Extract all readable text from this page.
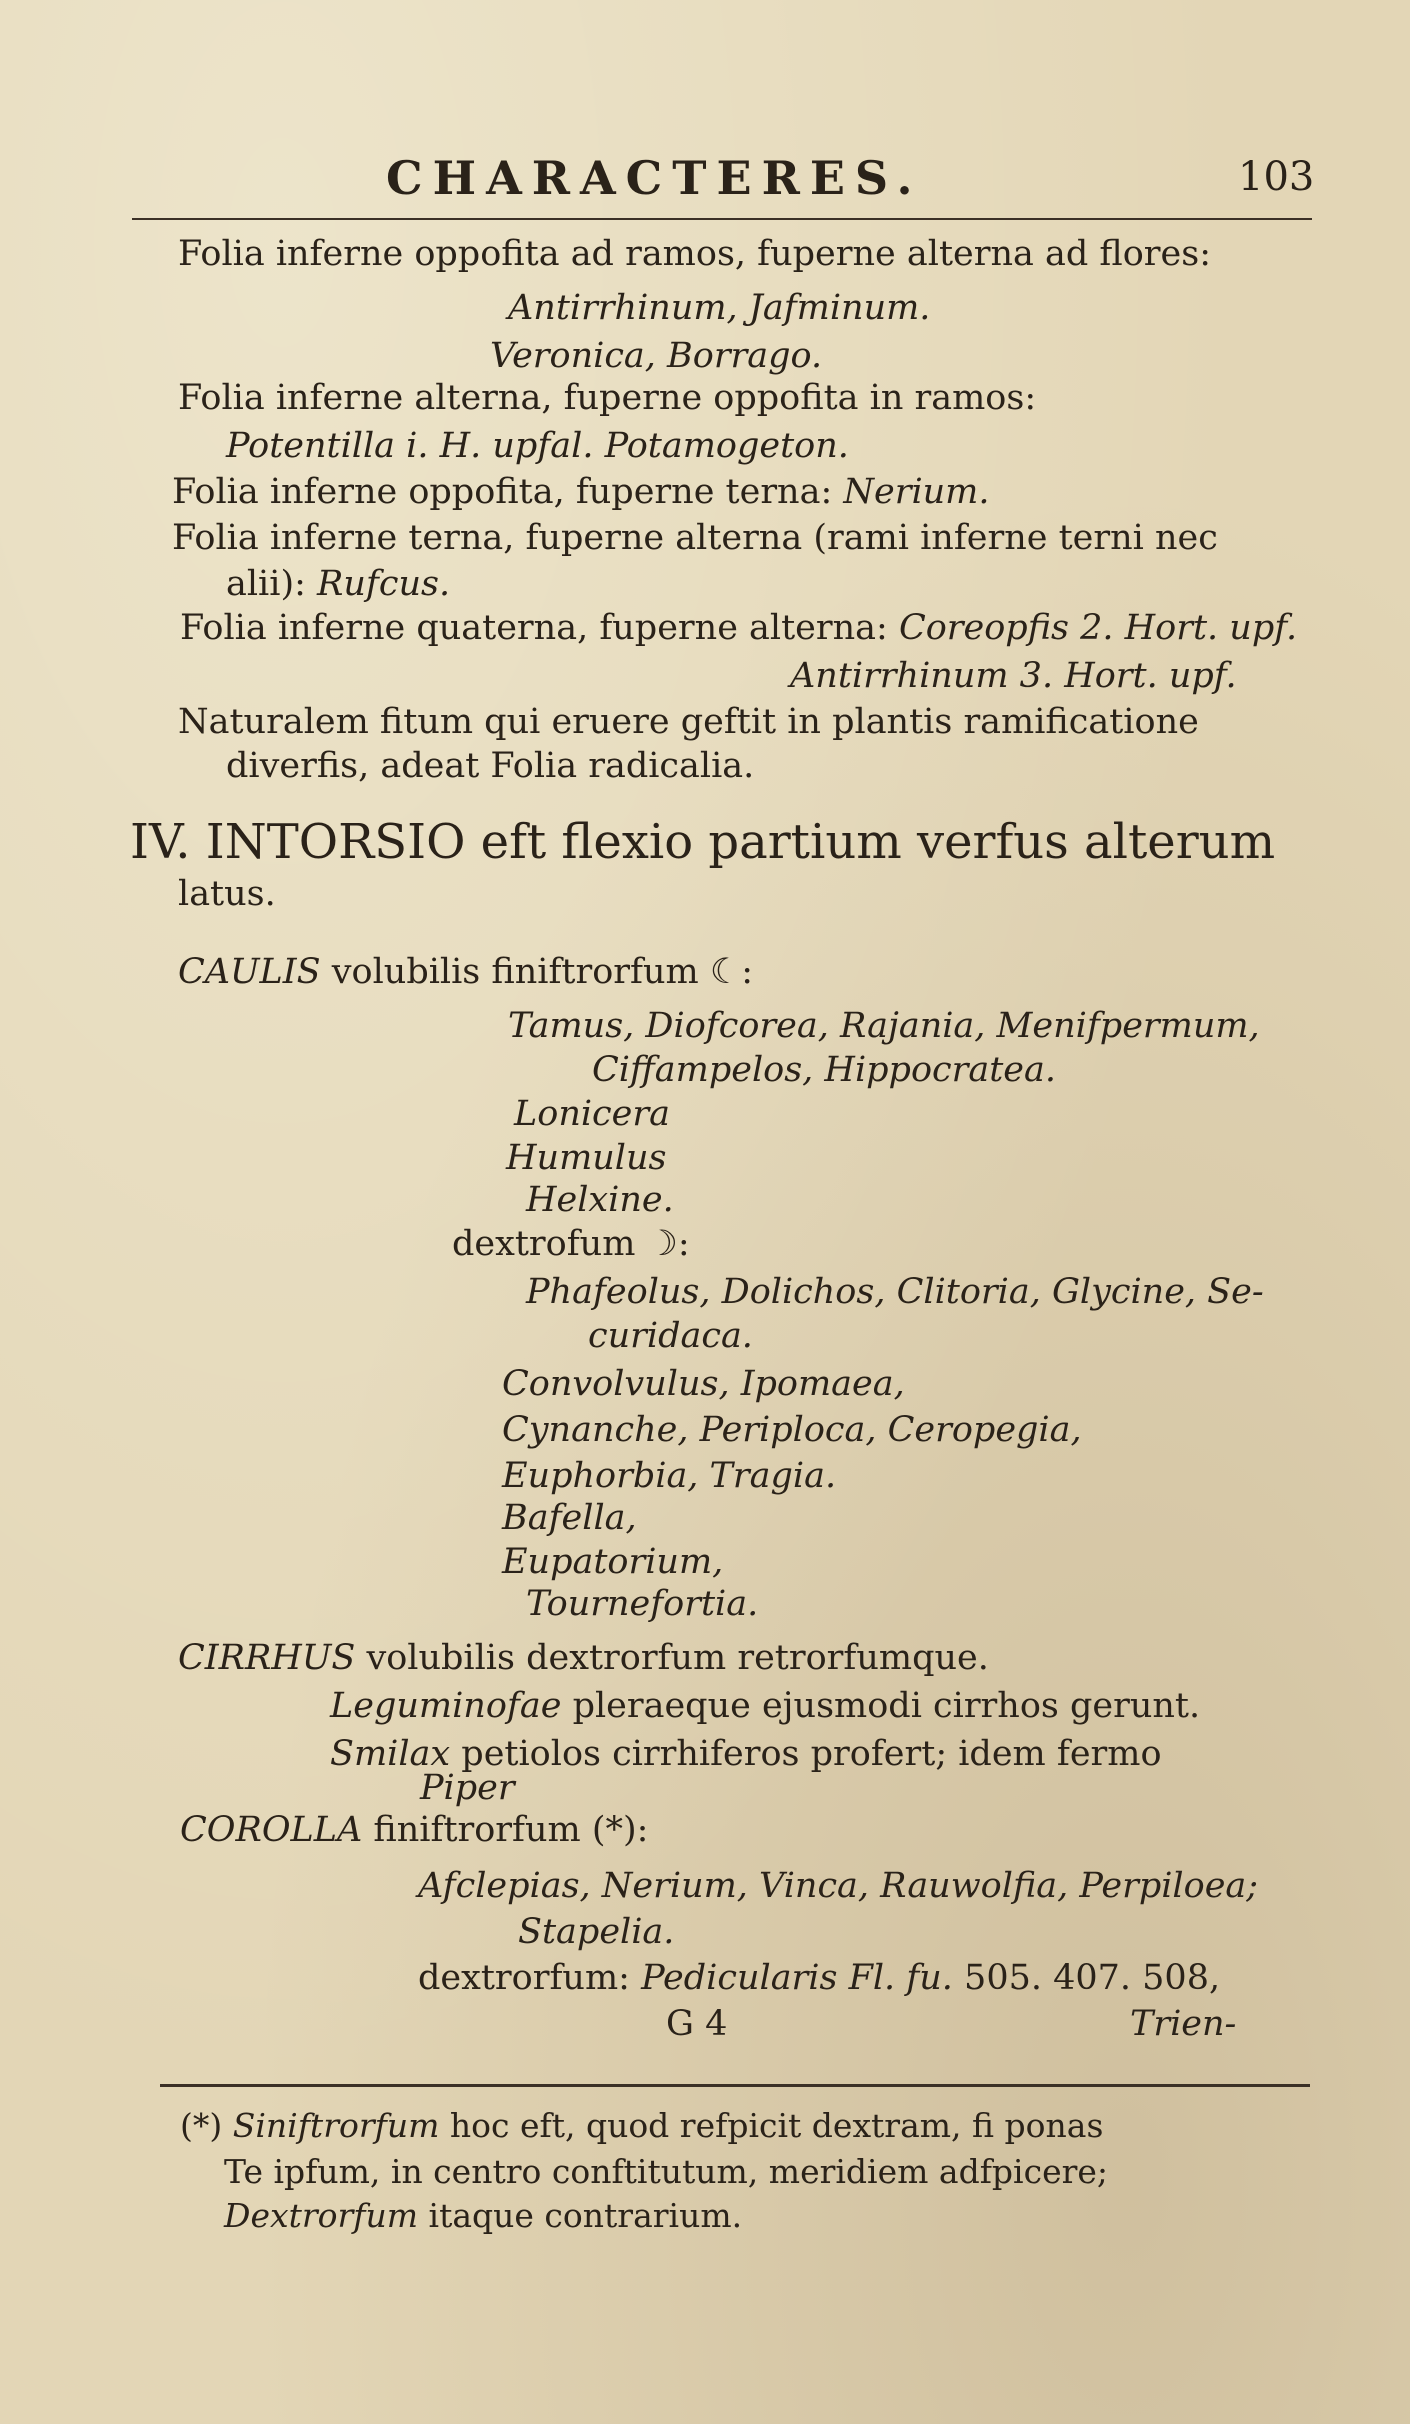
CHARACTERES.	103
Folia inferne oppofita ad ramos, fuperne alterna ad flores:
Antirrhinum, Jafminum.
Veronica, Borrago.
Folia inferne alterna, fuperne oppofita in ramos:
Potentilla i. H. upfal. Potamogeton.
Folia inferne oppofita, fuperne terna: Nerium.
Folia inferne terna, fuperne alterna (rami inferne terni nec
alii): Rufcus.
Folia inferne quaterna, fuperne alterna: Coreopfis 2. Hort. upf.
Antirrhinum 3. Hort. upf.
Naturalem fitum qui eruere geftit in plantis ramificatione
diverfis, adeat Folia radicalia.
IV. INTORSIO eft flexio partium verfus alterum
latus.
CAULIS volubilis finiftrorfum ☾:
Tamus, Diofcorea, Rajania, Menifpermum,
Ciffampelos, Hippocratea.
Lonicera
Humulus
Helxine.
dextrofum ☽:
Phafeolus, Dolichos, Clitoria, Glycine, Se-
curidaca.
Convolvulus, Ipomaea,
Cynanche, Periploca, Ceropegia,
Euphorbia, Tragia.
Bafella,
Eupatorium,
Tournefortia.
CIRRHUS volubilis dextrorfum retrorfumque.
Leguminofae pleraeque ejusmodi cirrhos gerunt.
Smilax petiolos cirrhiferos profert; idem fermo
Piper
COROLLA finiftrorfum (*):
Afclepias, Nerium, Vinca, Rauwolfia, Perpiloea;
Stapelia.
dextrorfum: Pedicularis Fl. fu. 505. 407. 508,
G 4	Trien-
(*) Siniftrorfum hoc eft, quod refpicit dextram, fi ponas
Te ipfum, in centro conftitutum, meridiem adfpicere;
Dextrorfum itaque contrarium.
